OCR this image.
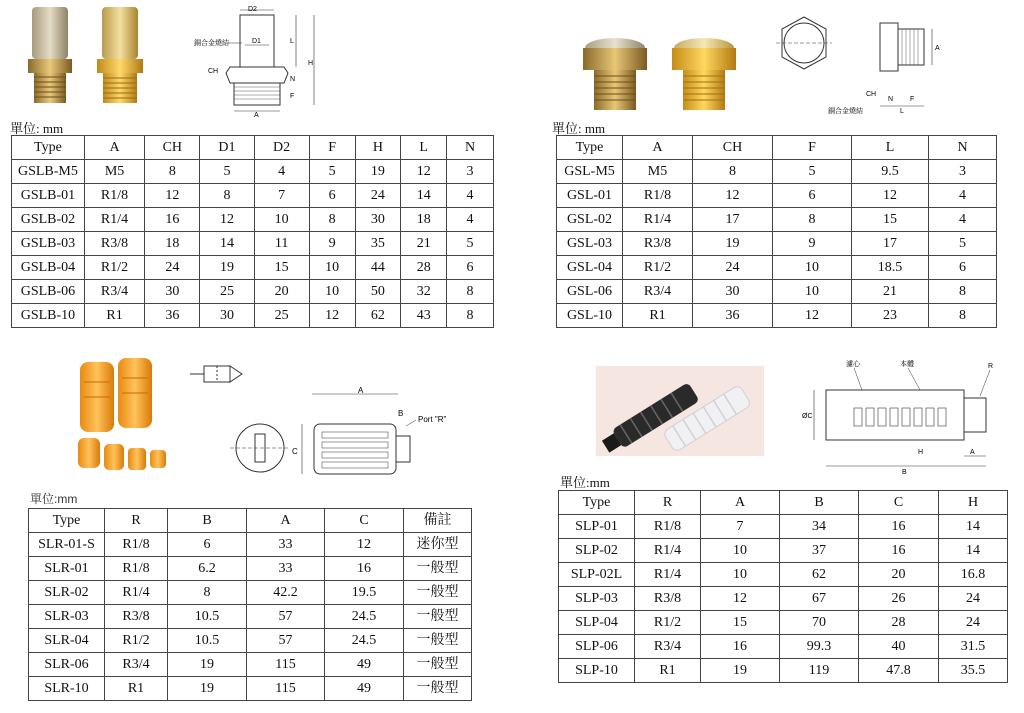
D2
D1
銅合金燒結
CH
A
L
H
N
F
單位: mm
Type	A	CH	D1	D2	F	H	L	N
GSLB-M5	M5	8	5	4	5	19	12	3
GSLB-01	R1/8	12	8	7	6	24	14	4
GSLB-02	R1/4	16	12	10	8	30	18	4
GSLB-03	R3/8	18	14	11	9	35	21	5
GSLB-04	R1/2	24	19	15	10	44	28	6
GSLB-06	R3/4	30	25	20	10	50	32	8
GSLB-10	R1	36	30	25	12	62	43	8
A
CH
N F
L
銅合金燒結
單位: mm
Type	A	CH	F	L	N
GSL-M5	M5	8	5	9.5	3
GSL-01	R1/8	12	6	12	4
GSL-02	R1/4	17	8	15	4
GSL-03	R3/8	19	9	17	5
GSL-04	R1/2	24	10	18.5	6
GSL-06	R3/4	30	10	21	8
GSL-10	R1	36	12	23	8
A
B
Port "R"
C
單位:mm
Type	R	B	A	C	備註
SLR-01-S	R1/8	6	33	12	迷你型
SLR-01	R1/8	6.2	33	16	一般型
SLR-02	R1/4	8	42.2	19.5	一般型
SLR-03	R3/8	10.5	57	24.5	一般型
SLR-04	R1/2	10.5	57	24.5	一般型
SLR-06	R3/4	19	115	49	一般型
SLR-10	R1	19	115	49	一般型
濾心	本體	R
ØC
H	A
B
單位:mm
Type	R	A	B	C	H
SLP-01	R1/8	7	34	16	14
SLP-02	R1/4	10	37	16	14
SLP-02L	R1/4	10	62	20	16.8
SLP-03	R3/8	12	67	26	24
SLP-04	R1/2	15	70	28	24
SLP-06	R3/4	16	99.3	40	31.5
SLP-10	R1	19	119	47.8	35.5
